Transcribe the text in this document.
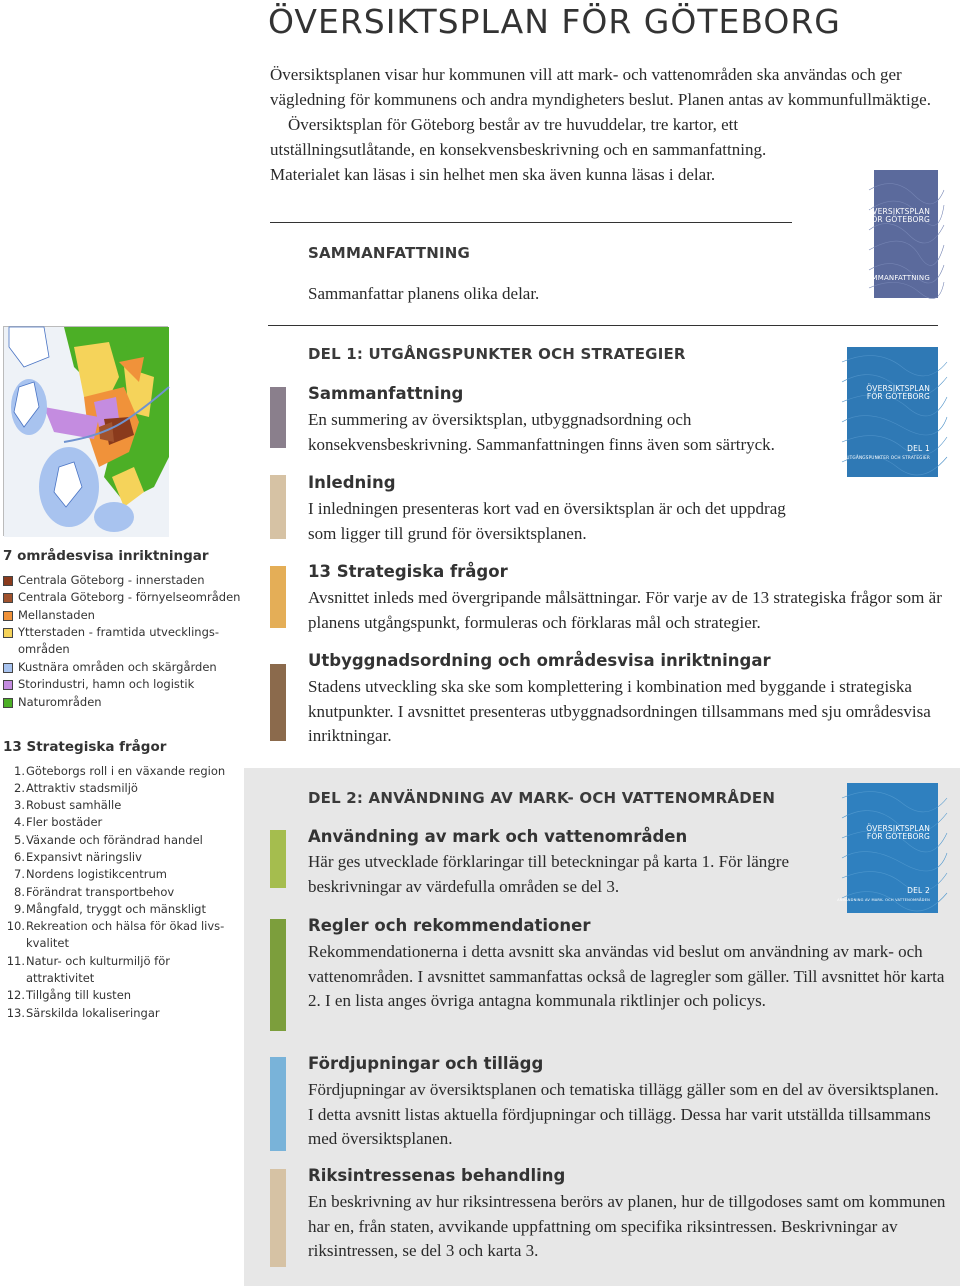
ÖVERSIKTSPLAN FÖR GÖTEBORG

Översiktsplanen visar hur kommunen vill att mark- och vattenområden ska användas och ger vägledning för kommunens och andra myndigheters beslut. Planen antas av kommunfullmäktige.

Översiktsplan för Göteborg består av tre huvuddelar, tre kartor, ett utställningsutlåtande, en konsekvensbeskrivning och en sammanfattning. Materialet kan läsas i sin helhet men ska även kunna läsas i delar.

SAMMANFATTNING
Sammanfattar planens olika delar.
ÖVERSIKTSPLAN
FÖR GÖTEBORG
SAMMANFATTNING
DEL 1: UTGÅNGSPUNKTER OCH STRATEGIER
ÖVERSIKTSPLAN
FÖR GÖTEBORG
DEL 1
UTGÅNGSPUNKTER OCH STRATEGIER
Sammanfattning
En summering av översiktsplan, utbyggnadsordning och konsekvensbeskrivning. Sammanfattningen finns även som särtryck.
Inledning
I inledningen presenteras kort vad en översiktsplan är och det uppdrag som ligger till grund för översiktsplanen.
13 Strategiska frågor
Avsnittet inleds med övergripande målsättningar. För varje av de 13 strategiska frågor som är planens utgångspunkt, formuleras och förklaras mål och strategier.
Utbyggnadsordning och områdesvisa inriktningar
Stadens utveckling ska ske som komplettering i kombination med byggande i strategiska knutpunkter. I avsnittet presenteras utbyggnadsordningen tillsammans med sju områdesvisa inriktningar.
DEL 2: ANVÄNDNING AV MARK- OCH VATTENOMRÅDEN
ÖVERSIKTSPLAN
FÖR GÖTEBORG
DEL 2
ANVÄNDNING AV MARK- OCH VATTENOMRÅDEN
Användning av mark och vattenområden
Här ges utvecklade förklaringar till beteckningar på karta 1. För längre beskrivningar av värdefulla områden se del 3.
Regler och rekommendationer
Rekommendationerna i detta avsnitt ska användas vid beslut om användning av mark- och vattenområden. I avsnittet sammanfattas också de lagregler som gäller. Till avsnittet hör karta 2. I en lista anges övriga antagna kommunala riktlinjer och policys.
Fördjupningar och tillägg
Fördjupningar av översiktsplanen och tematiska tillägg gäller som en del av översiktsplanen. I detta avsnitt listas aktuella fördjupningar och tillägg. Dessa har varit utställda tillsammans med översiktsplanen.
Riksintressenas behandling
En beskrivning av hur riksintressena berörs av planen, hur de tillgodoses samt om kommunen har en, från staten, avvikande uppfattning om specifika riksintressen. Beskrivningar av riksintressen, se del 3 och karta 3.
7 områdesvisa inriktningar
Centrala Göteborg - innerstaden
Centrala Göteborg - förnyelseområden
Mellanstaden
Ytterstaden - framtida utvecklings-
områden
Kustnära områden och skärgården
Storindustri, hamn och logistik
Naturområden
13 Strategiska frågor
1. Göteborgs roll i en växande region
2. Attraktiv stadsmiljö
3. Robust samhälle
4. Fler bostäder
5. Växande och förändrad handel
6. Expansivt näringsliv
7. Nordens logistikcentrum
8. Förändrat transportbehov
9. Mångfald, tryggt och mänskligt
10. Rekreation och hälsa för ökad livs-
kvalitet
11. Natur- och kulturmiljö för
attraktivitet
12. Tillgång till kusten
13. Särskilda lokaliseringar
